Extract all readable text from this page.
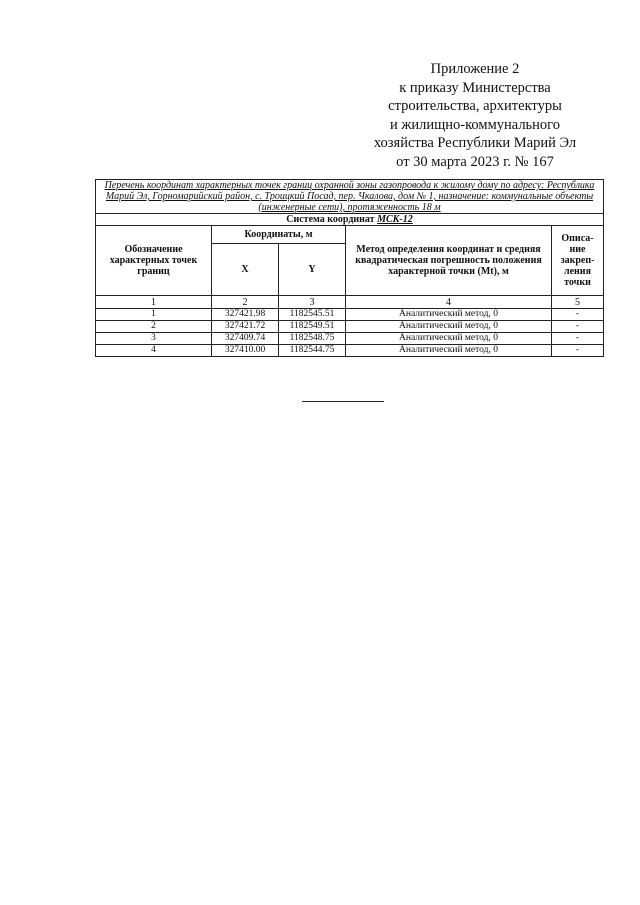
Приложение 2
к приказу Министерства
строительства, архитектуры
и жилищно-коммунального
хозяйства Республики Марий Эл
от 30 марта 2023 г. № 167
Перечень координат характерных точек границ охранной зоны газопровода к жилому дому по адресу: Республика Марий Эл, Горномарийский район, с. Троицкий Посад, пер. Чкалова, дом № 1, назначение: коммунальные объекты (инженерные сети), протяженность 18 м				
Система координат МСК-12				
Обозначение характерных точек границ	Координаты, м		Метод определения координат и средняя квадратическая погрешность положения характерной точки (Mt), м	Описа-ние закреп-ления точки
	X	Y		
1	2	3	4	5
1	327421.98	1182545.51	Аналитический метод, 0	-
2	327421.72	1182549.51	Аналитический метод, 0	-
3	327409.74	1182548.75	Аналитический метод, 0	-
4	327410.00	1182544.75	Аналитический метод, 0	-
